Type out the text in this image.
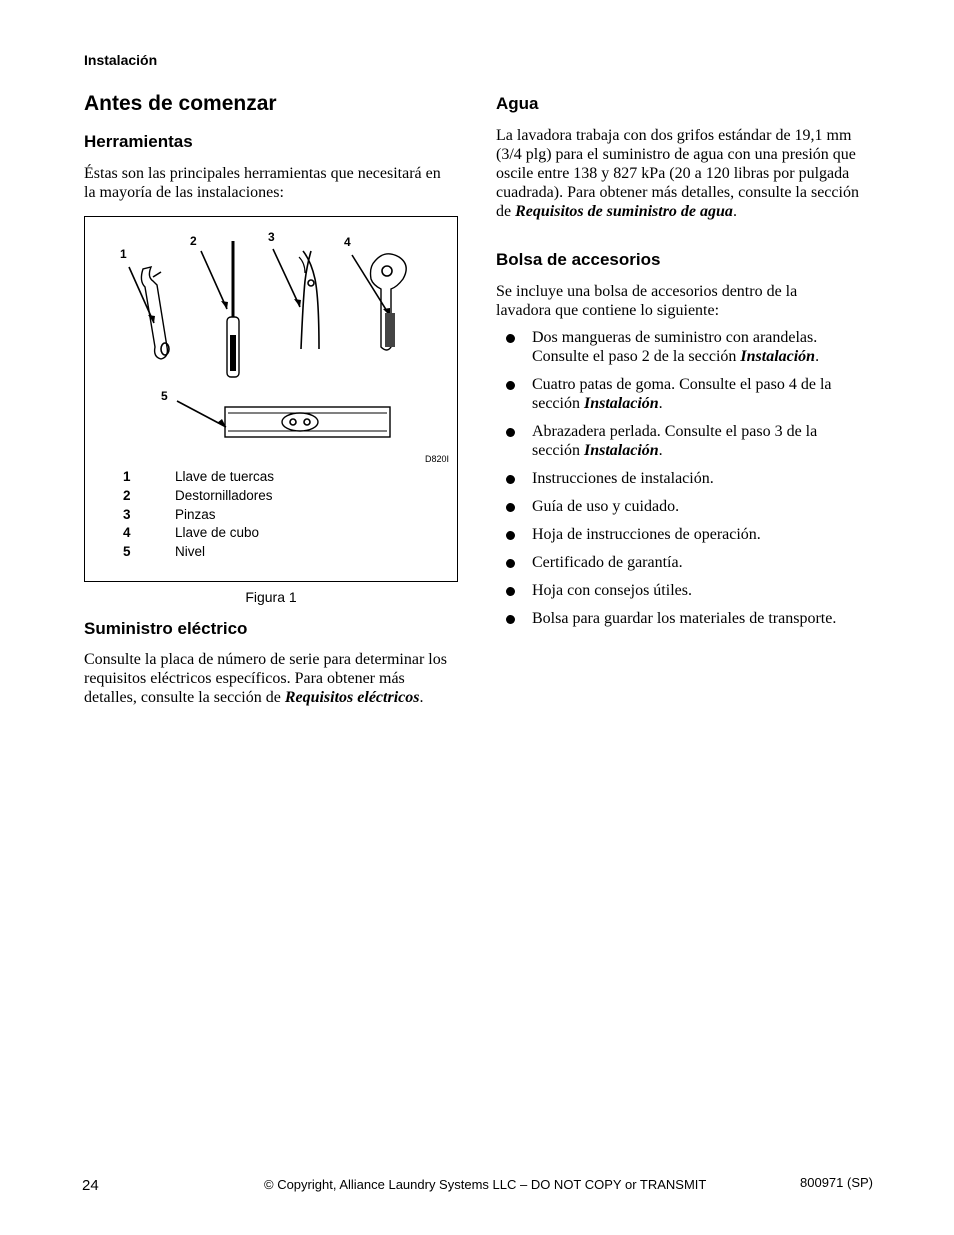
Instalación
Antes de comenzar
Herramientas

Éstas son las principales herramientas que necesitará en la mayoría de las instalaciones:

1
2	3	4
5
D820I
1	Llave de tuercas
2	Destornilladores
3	Pinzas
4	Llave de cubo
5	Nivel
Figura 1
Suministro eléctrico

Consulte la placa de número de serie para determinar los requisitos eléctricos específicos. Para obtener más detalles, consulte la sección de Requisitos eléctricos.

Agua

La lavadora trabaja con dos grifos estándar de 19,1 mm (3/4 plg) para el suministro de agua con una presión que oscile entre 138 y 827 kPa (20 a 120 libras por pulgada cuadrada). Para obtener más detalles, consulte la sección de Requisitos de suministro de agua.

Bolsa de accesorios

Se incluye una bolsa de accesorios dentro de la lavadora que contiene lo siguiente:

Dos mangueras de suministro con arandelas. Consulte el paso 2 de la sección Instalación.
Cuatro patas de goma. Consulte el paso 4 de la sección Instalación.
Abrazadera perlada. Consulte el paso 3 de la sección Instalación.
Instrucciones de instalación.
Guía de uso y cuidado.
Hoja de instrucciones de operación.
Certificado de garantía.
Hoja con consejos útiles.
Bolsa para guardar los materiales de transporte.
24	© Copyright, Alliance Laundry Systems LLC – DO NOT COPY or TRANSMIT	800971 (SP)
